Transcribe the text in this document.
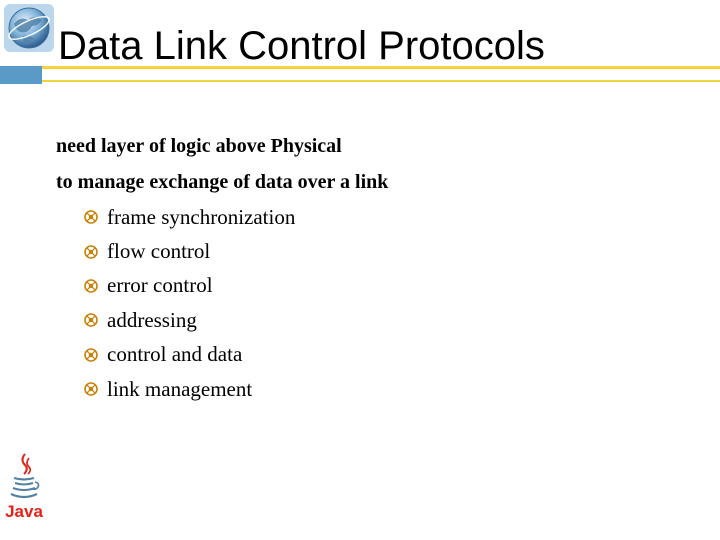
Data Link Control Protocols

need layer of logic above Physical

to manage exchange of data over a link

frame synchronization
flow control
error control
addressing
control and data
link management
Java
